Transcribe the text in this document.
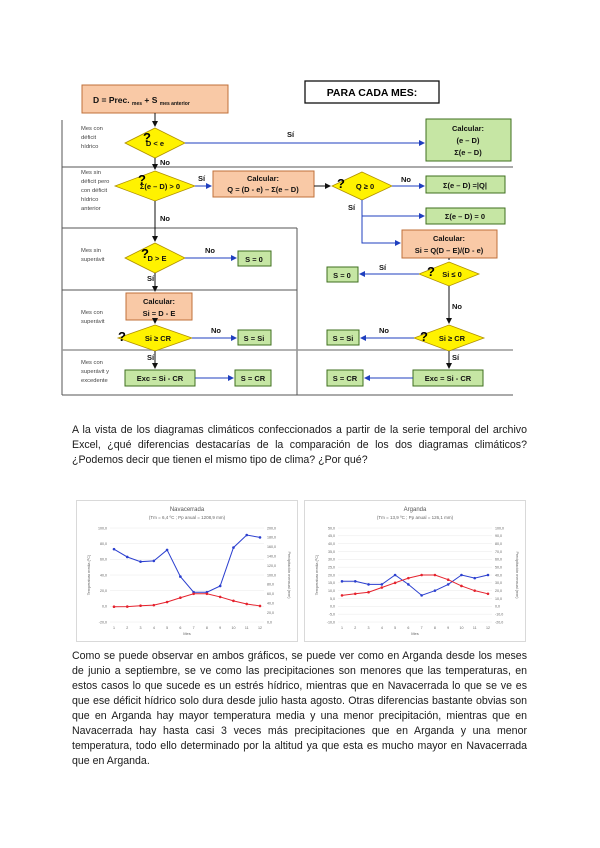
D = Prec. $_{mes}$ + S $_{mes anterior}$
PARA CADA MES:
Mes con
déficit
hídrico
Mes sin
déficit pero
con déficit
hídrico
anterior
Mes sin
superávit
Mes con
superávit
Mes con
superávit y
excedente
D < e
?
Σ(e – D) > 0
?	Q ≥ 0
?
D > E
?
Si ≥ CR
?
Si ≤ 0
?
Si ≥ CR
?
Calcular:
(e – D)
Σ(e – D)
Calcular:
Q = (D - e) – Σ(e – D)
Calcular:
Si = Q(D – E)/(D - e)
Calcular:
Si = D - E
Σ(e – D) =|Q|
Σ(e – D) = 0
S = 0
S = 0
S = Si	S = Si
Exc = Si - CR	S = CR	S = CR	Exc = Si - CR
Sí
No
Sí	No
Sí
No
No
Sí
Sí
No
No	No
Sí	Sí
A la vista de los diagramas climáticos confeccionados a partir de la serie temporal del archivo Excel, ¿qué diferencias destacarías de la comparación de los dos diagramas climáticos? ¿Podemos decir que tienen el mismo tipo de clima? ¿Por qué?
Navacerrada
(Tm = 6,4 ºC ; Pp anual = 1208,9 mm)
100,0
80,0
60,0
40,0
20,0
0,0
-20,0
200,0
180,0
160,0
140,0
120,0
100,0
80,0
60,0
40,0
20,0
0,0
Temperatura media (ºC)	Precipitación mensual (mm)
1	2	3	4	5	6	7	8	9	10	11	12
Mes
Arganda
(Tm = 13,9 ºC ; Pp anual = 126,1 mm)
50,0
45,0
40,0
35,0
30,0
25,0
20,0
15,0
10,0
5,0
0,0
-5,0
-10,0
100,0
90,0
80,0
70,0
60,0
50,0
40,0
30,0
20,0
10,0
0,0
-10,0
-20,0
Temperatura media (ºC)	Precipitación mensual (mm)
1	2	3	4	5	6	7	8	9	10	11	12
Mes
Como se puede observar en ambos gráficos, se puede ver como en Arganda desde los meses de junio a septiembre, se ve como las precipitaciones son menores que las temperaturas, en estos casos lo que sucede es un estrés hídrico, mientras que en Navacerrada lo que se ve es que ese déficit hídrico solo dura desde julio hasta agosto. Otras diferencias bastante obvias son que en Arganda hay mayor temperatura media y una menor precipitación, mientras que en Navacerrada hay hasta casi 3 veces más precipitaciones que en Arganda y una menor temperatura, todo ello determinado por la altitud ya que esta es mucho mayor en Navacerrada que en Arganda.
